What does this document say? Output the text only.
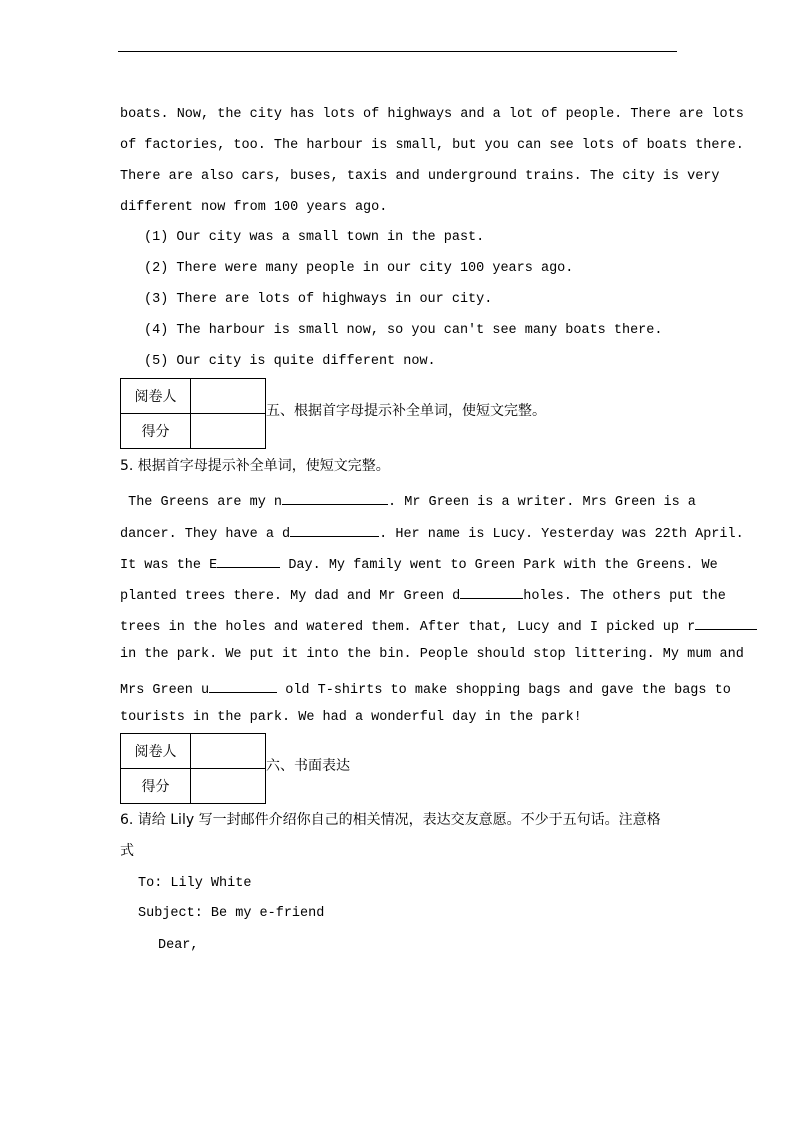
boats. Now, the city has lots of highways and a lot of people. There are lots
of factories, too. The harbour is small, but you can see lots of boats there.
There are also cars, buses, taxis and underground trains. The city is very
different now from 100 years ago.
(1) Our city was a small town in the past.
(2) There were many people in our city 100 years ago.
(3) There are lots of highways in our city.
(4) The harbour is small now, so you can't see many boats there.
(5) Our city is quite different now.
阅卷人	
得分	
五、根据首字母提示补全单词，使短文完整。
5. 根据首字母提示补全单词，使短文完整。
The Greens are my n	. Mr Green is a writer. Mrs Green is a
dancer. They have a d	. Her name is Lucy. Yesterday was 22th April.
It was the E	Day. My family went to Green Park with the Greens. We
planted trees there. My dad and Mr Green d	holes. The others put the
trees in the holes and watered them. After that, Lucy and I picked up r
in the park. We put it into the bin. People should stop littering. My mum and
Mrs Green u	old T-shirts to make shopping bags and gave the bags to
tourists in the park. We had a wonderful day in the park!
阅卷人	
得分	
六、书面表达
6. 请给 Lily 写一封邮件介绍你自己的相关情况，表达交友意愿。不少于五句话。注意格
式
To: Lily White
Subject: Be my e-friend
Dear,
